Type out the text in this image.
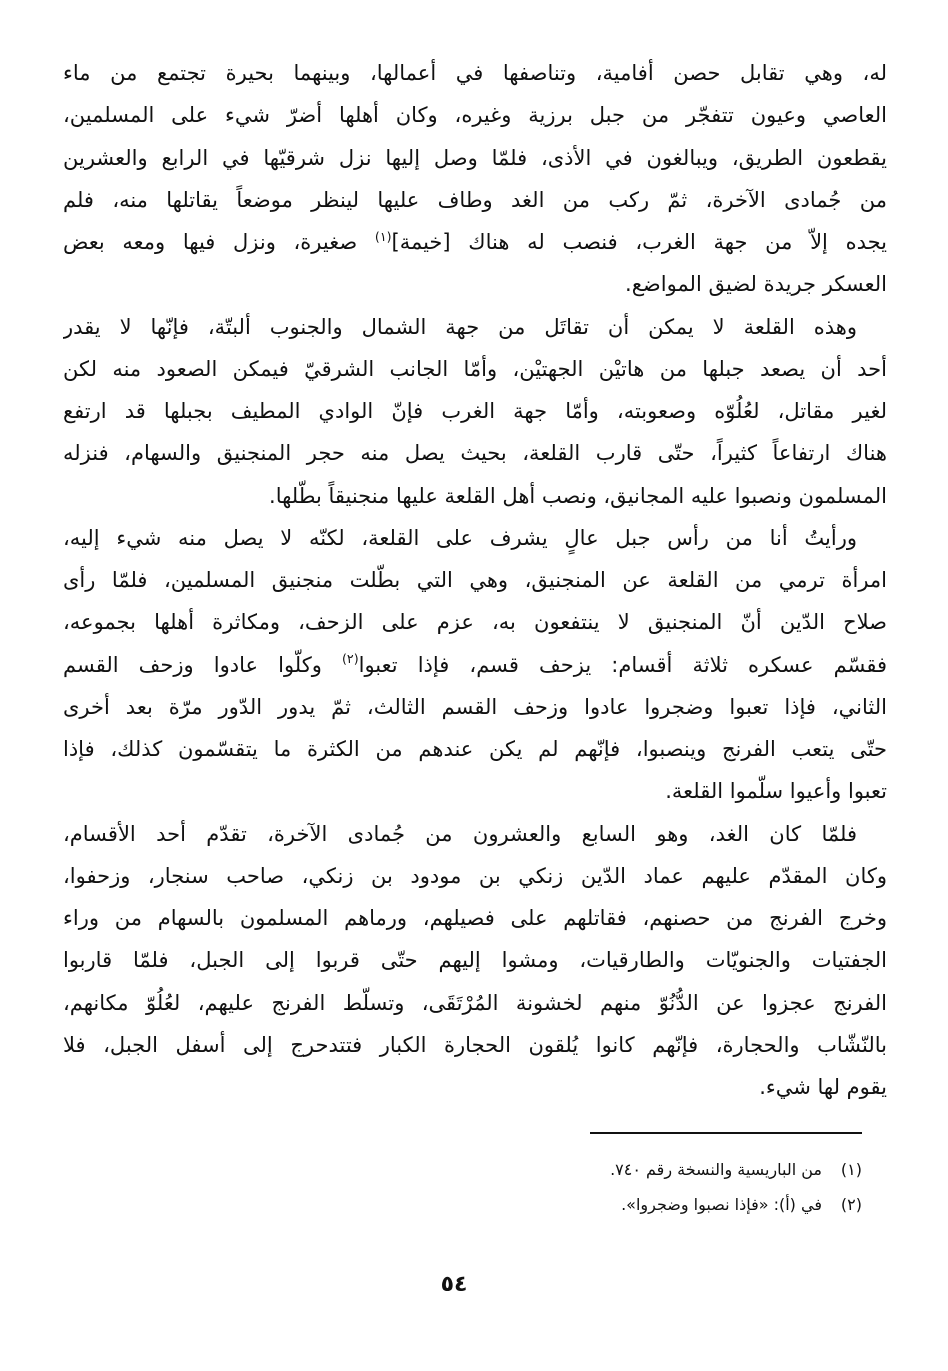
له، وهي تقابل حصن أفامية، وتناصفها في أعمالها، وبينهما بحيرة تجتمع من ماء
العاصي وعيون تتفجّر من جبل برزية وغيره، وكان أهلها أضرّ شيء على المسلمين،
يقطعون الطريق، ويبالغون في الأذى، فلمّا وصل إليها نزل شرقيّها في الرابع والعشرين
من جُمادى الآخرة، ثمّ ركب من الغد وطاف عليها لينظر موضعاً يقاتلها منه، فلم
يجده إلاّ من جهة الغرب، فنصب له هناك [خيمة]$^{(١)}$ صغيرة، ونزل فيها ومعه بعض
العسكر جريدة لضيق المواضع.
وهذه القلعة لا يمكن أن تقاتَل من جهة الشمال والجنوب ألبتّة، فإنّها لا يقدر
أحد أن يصعد جبلها من هاتيْن الجهتيْن، وأمّا الجانب الشرقيّ فيمكن الصعود منه لكن
لغير مقاتل، لعُلُوّه وصعوبته، وأمّا جهة الغرب فإنّ الوادي المطيف بجبلها قد ارتفع
هناك ارتفاعاً كثيراً، حتّى قارب القلعة، بحيث يصل منه حجر المنجنيق والسهام، فنزله
المسلمون ونصبوا عليه المجانيق، ونصب أهل القلعة عليها منجنيقاً بطّلها.
ورأيتُ أنا من رأس جبل عالٍ يشرف على القلعة، لكنّه لا يصل منه شيء إليه،
امرأة ترمي من القلعة عن المنجنيق، وهي التي بطّلت منجنيق المسلمين، فلمّا رأى
صلاح الدّين أنّ المنجنيق لا ينتفعون به، عزم على الزحف، ومكاثرة أهلها بجموعه،
فقسّم عسكره ثلاثة أقسام: يزحف قسم، فإذا تعبوا$^{(٢)}$ وكلّوا عادوا وزحف القسم
الثاني، فإذا تعبوا وضجروا عادوا وزحف القسم الثالث، ثمّ يدور الدّور مرّة بعد أخرى
حتّى يتعب الفرنج وينصبوا، فإنّهم لم يكن عندهم من الكثرة ما يتقسّمون كذلك، فإذا
تعبوا وأعيوا سلّموا القلعة.
فلمّا كان الغد، وهو السابع والعشرون من جُمادى الآخرة، تقدّم أحد الأقسام،
وكان المقدّم عليهم عماد الدّين زنكي بن مودود بن زنكي، صاحب سنجار، وزحفوا،
وخرج الفرنج من حصنهم، فقاتلهم على فصيلهم، ورماهم المسلمون بالسهام من وراء
الجفتيات والجنويّات والطارقيات، ومشوا إليهم حتّى قربوا إلى الجبل، فلمّا قاربوا
الفرنج عجزوا عن الدُّنُوّ منهم لخشونة المُرْتَقَى، وتسلّط الفرنج عليهم، لعُلُوّ مكانهم،
بالنّشّاب والحجارة، فإنّهم كانوا يُلقون الحجارة الكبار فتتدحرج إلى أسفل الجبل، فلا
يقوم لها شيء.
(١)من الباريسية والنسخة رقم ٧٤٠.
(٢)في (أ): «فإذا نصبوا وضجروا».
٥٤
